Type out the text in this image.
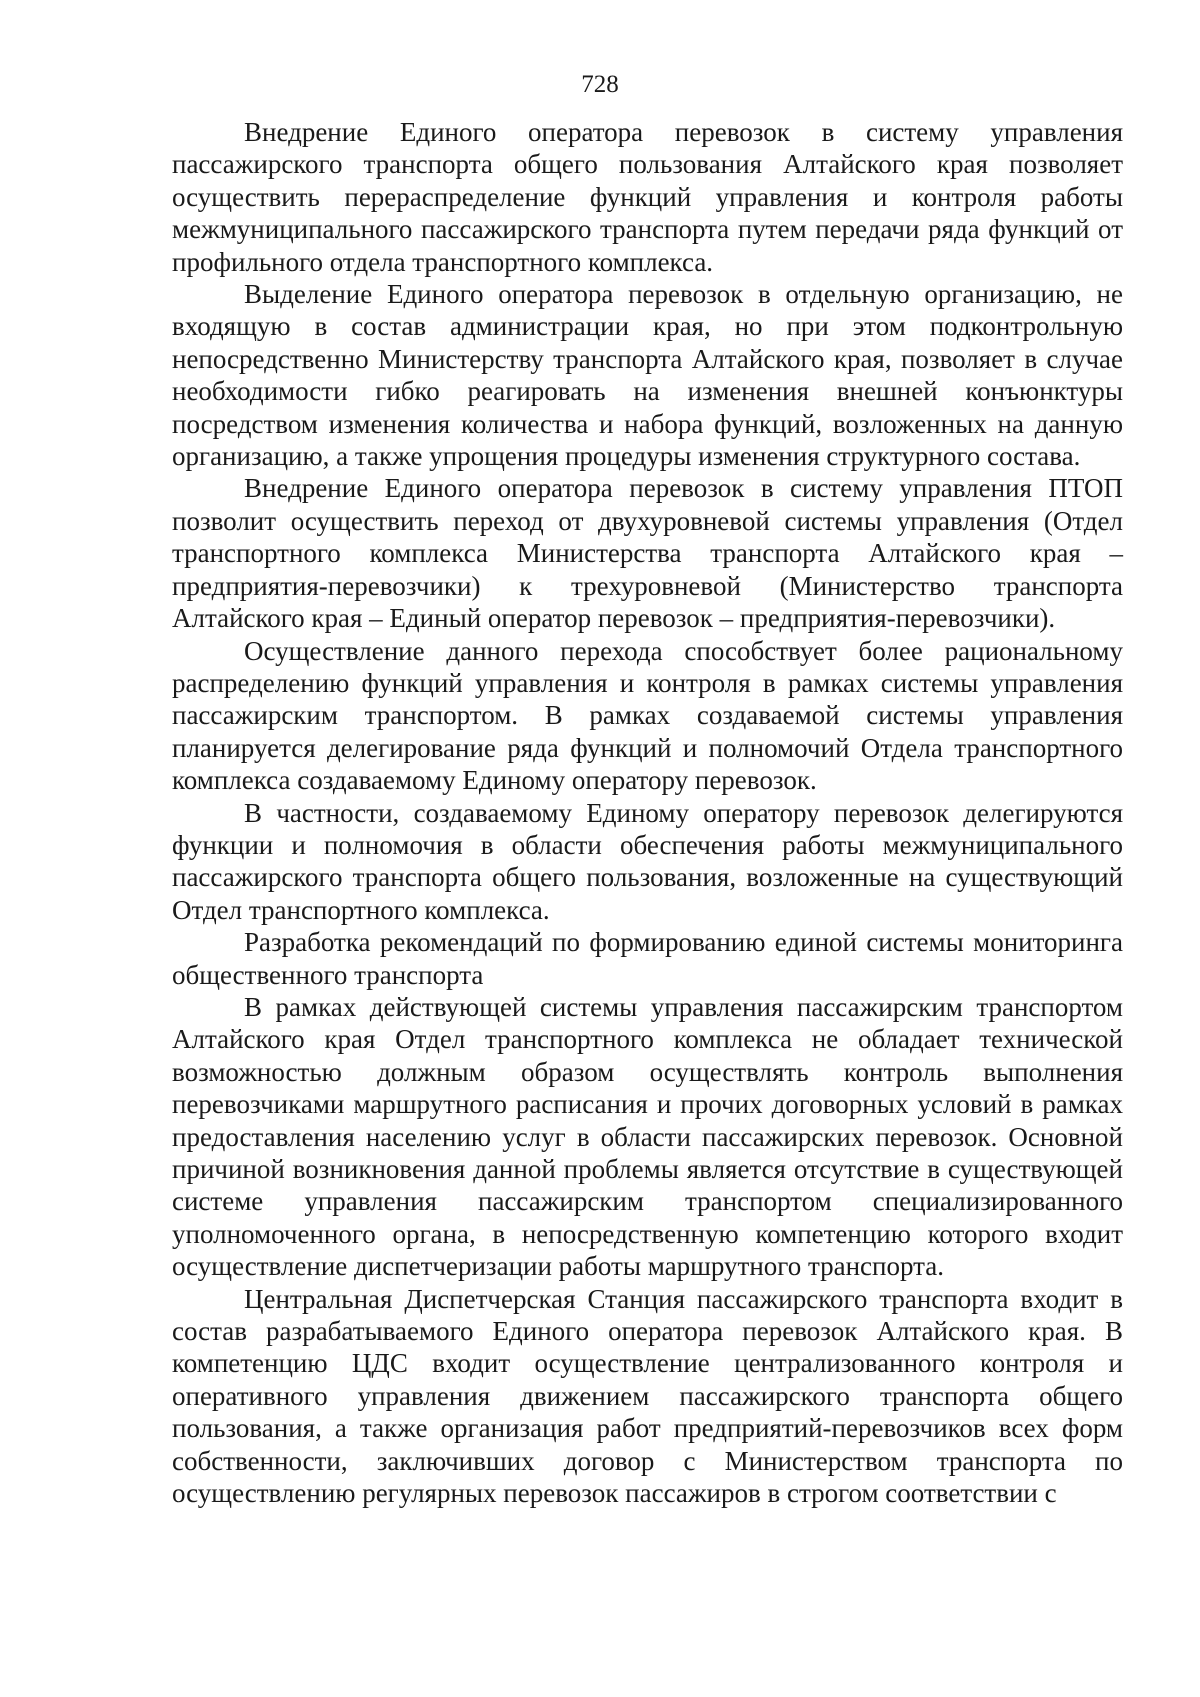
728

Внедрение Единого оператора перевозок в систему управления пассажирского транспорта общего пользования Алтайского края позволяет осуществить перераспределение функций управления и контроля работы межмуниципального пассажирского транспорта путем передачи ряда функций от профильного отдела транспортного комплекса.

Выделение Единого оператора перевозок в отдельную организацию, не входящую в состав администрации края, но при этом подконтрольную непосредственно Министерству транспорта Алтайского края, позволяет в случае необходимости гибко реагировать на изменения внешней конъюнктуры посредством изменения количества и набора функций, возложенных на данную организацию, а также упрощения процедуры изменения структурного состава.

Внедрение Единого оператора перевозок в систему управления ПТОП позволит осуществить переход от двухуровневой системы управления (Отдел транспортного комплекса Министерства транспорта Алтайского края – предприятия-перевозчики) к трехуровневой (Министерство транспорта Алтайского края – Единый оператор перевозок – предприятия-перевозчики).

Осуществление данного перехода способствует более рациональному распределению функций управления и контроля в рамках системы управления пассажирским транспортом. В рамках создаваемой системы управления планируется делегирование ряда функций и полномочий Отдела транспортного комплекса создаваемому Единому оператору перевозок.

В частности, создаваемому Единому оператору перевозок делегируются функции и полномочия в области обеспечения работы межмуниципального пассажирского транспорта общего пользования, возложенные на существующий Отдел транспортного комплекса.

Разработка рекомендаций по формированию единой системы мониторинга общественного транспорта

В рамках действующей системы управления пассажирским транспортом Алтайского края Отдел транспортного комплекса не обладает технической возможностью должным образом осуществлять контроль выполнения перевозчиками маршрутного расписания и прочих договорных условий в рамках предоставления населению услуг в области пассажирских перевозок. Основной причиной возникновения данной проблемы является отсутствие в существующей системе управления пассажирским транспортом специализированного уполномоченного органа, в непосредственную компетенцию которого входит осуществление диспетчеризации работы маршрутного транспорта.

Центральная Диспетчерская Станция пассажирского транспорта входит в состав разрабатываемого Единого оператора перевозок Алтайского края. В компетенцию ЦДС входит осуществление централизованного контроля и оперативного управления движением пассажирского транспорта общего пользования, а также организация работ предприятий-перевозчиков всех форм собственности, заключивших договор с Министерством транспорта по осуществлению регулярных перевозок пассажиров в строгом соответствии с
